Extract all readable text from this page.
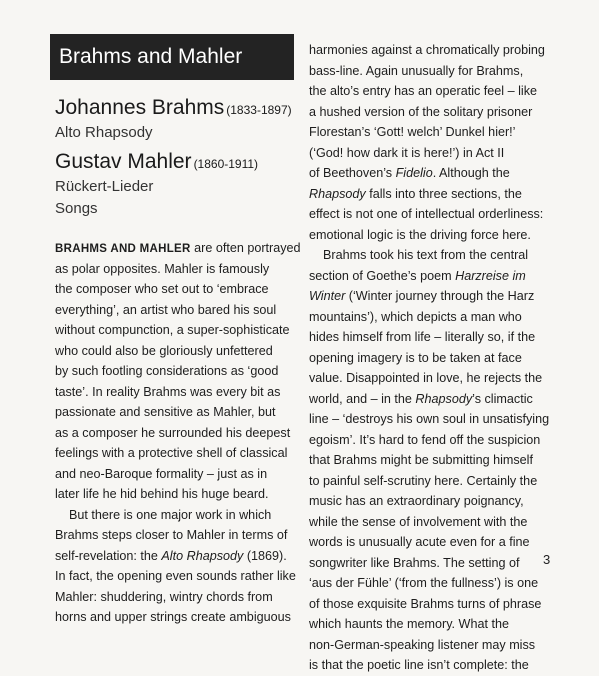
Brahms and Mahler
Johannes Brahms (1833-1897)
Alto Rhapsody
Gustav Mahler (1860-1911)
Rückert-Lieder
Songs
BRAHMS AND MAHLER are often portrayed
as polar opposites. Mahler is famously
the composer who set out to ‘embrace
everything’, an artist who bared his soul
without compunction, a super-sophisticate
who could also be gloriously unfettered
by such footling considerations as ‘good
taste’. In reality Brahms was every bit as
passionate and sensitive as Mahler, but
as a composer he surrounded his deepest
feelings with a protective shell of classical
and neo-Baroque formality – just as in
later life he hid behind his huge beard.
But there is one major work in which
Brahms steps closer to Mahler in terms of
self-revelation: the Alto Rhapsody (1869).
In fact, the opening even sounds rather like
Mahler: shuddering, wintry chords from
horns and upper strings create ambiguous
harmonies against a chromatically probing
bass-line. Again unusually for Brahms,
the alto’s entry has an operatic feel – like
a hushed version of the solitary prisoner
Florestan’s ‘Gott! welch’ Dunkel hier!’
(‘God! how dark it is here!’) in Act II
of Beethoven’s Fidelio. Although the
Rhapsody falls into three sections, the
effect is not one of intellectual orderliness:
emotional logic is the driving force here.
Brahms took his text from the central
section of Goethe’s poem Harzreise im
Winter (‘Winter journey through the Harz
mountains’), which depicts a man who
hides himself from life – literally so, if the
opening imagery is to be taken at face
value. Disappointed in love, he rejects the
world, and – in the Rhapsody’s climactic
line – ‘destroys his own soul in unsatisfying
egoism’. It’s hard to fend off the suspicion
that Brahms might be submitting himself
to painful self-scrutiny here. Certainly the
music has an extraordinary poignancy,
while the sense of involvement with the
words is unusually acute even for a fine
songwriter like Brahms. The setting of
‘aus der Fühle’ (‘from the fullness’) is one
of those exquisite Brahms turns of phrase
which haunts the memory. What the
non-German-speaking listener may miss
is that the poetic line isn’t complete: the
3
